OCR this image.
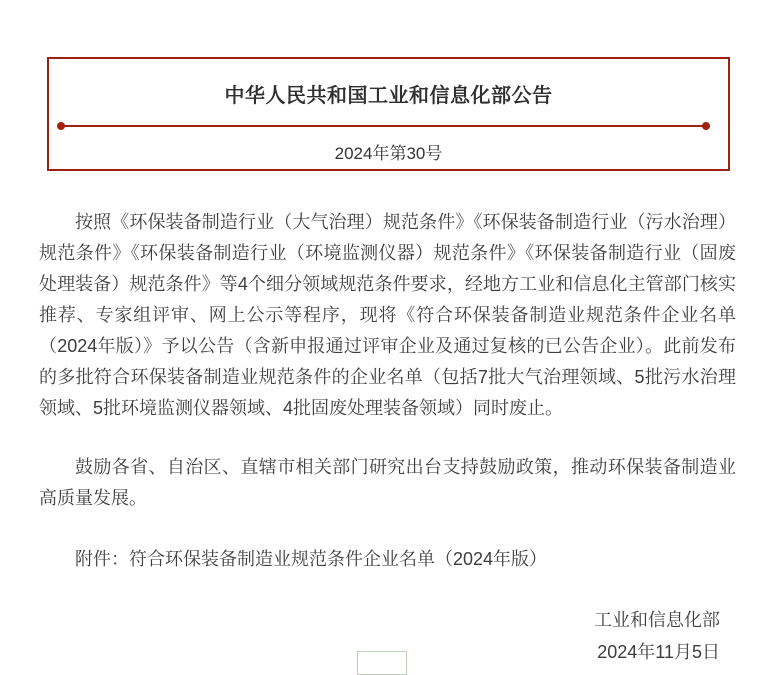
中华人民共和国工业和信息化部公告
2024年第30号

按照《环保装备制造行业（大气治理）规范条件》《环保装备制造行业（污水治理）规范条件》《环保装备制造行业（环境监测仪器）规范条件》《环保装备制造行业（固废处理装备）规范条件》等4个细分领域规范条件要求，经地方工业和信息化主管部门核实推荐、专家组评审、网上公示等程序，现将《符合环保装备制造业规范条件企业名单（2024年版）》予以公告（含新申报通过评审企业及通过复核的已公告企业）。此前发布的多批符合环保装备制造业规范条件的企业名单（包括7批大气治理领域、5批污水治理领域、5批环境监测仪器领域、4批固废处理装备领域）同时废止。

鼓励各省、自治区、直辖市相关部门研究出台支持鼓励政策，推动环保装备制造业高质量发展。

附件：符合环保装备制造业规范条件企业名单（2024年版）

工业和信息化部
2024年11月5日
